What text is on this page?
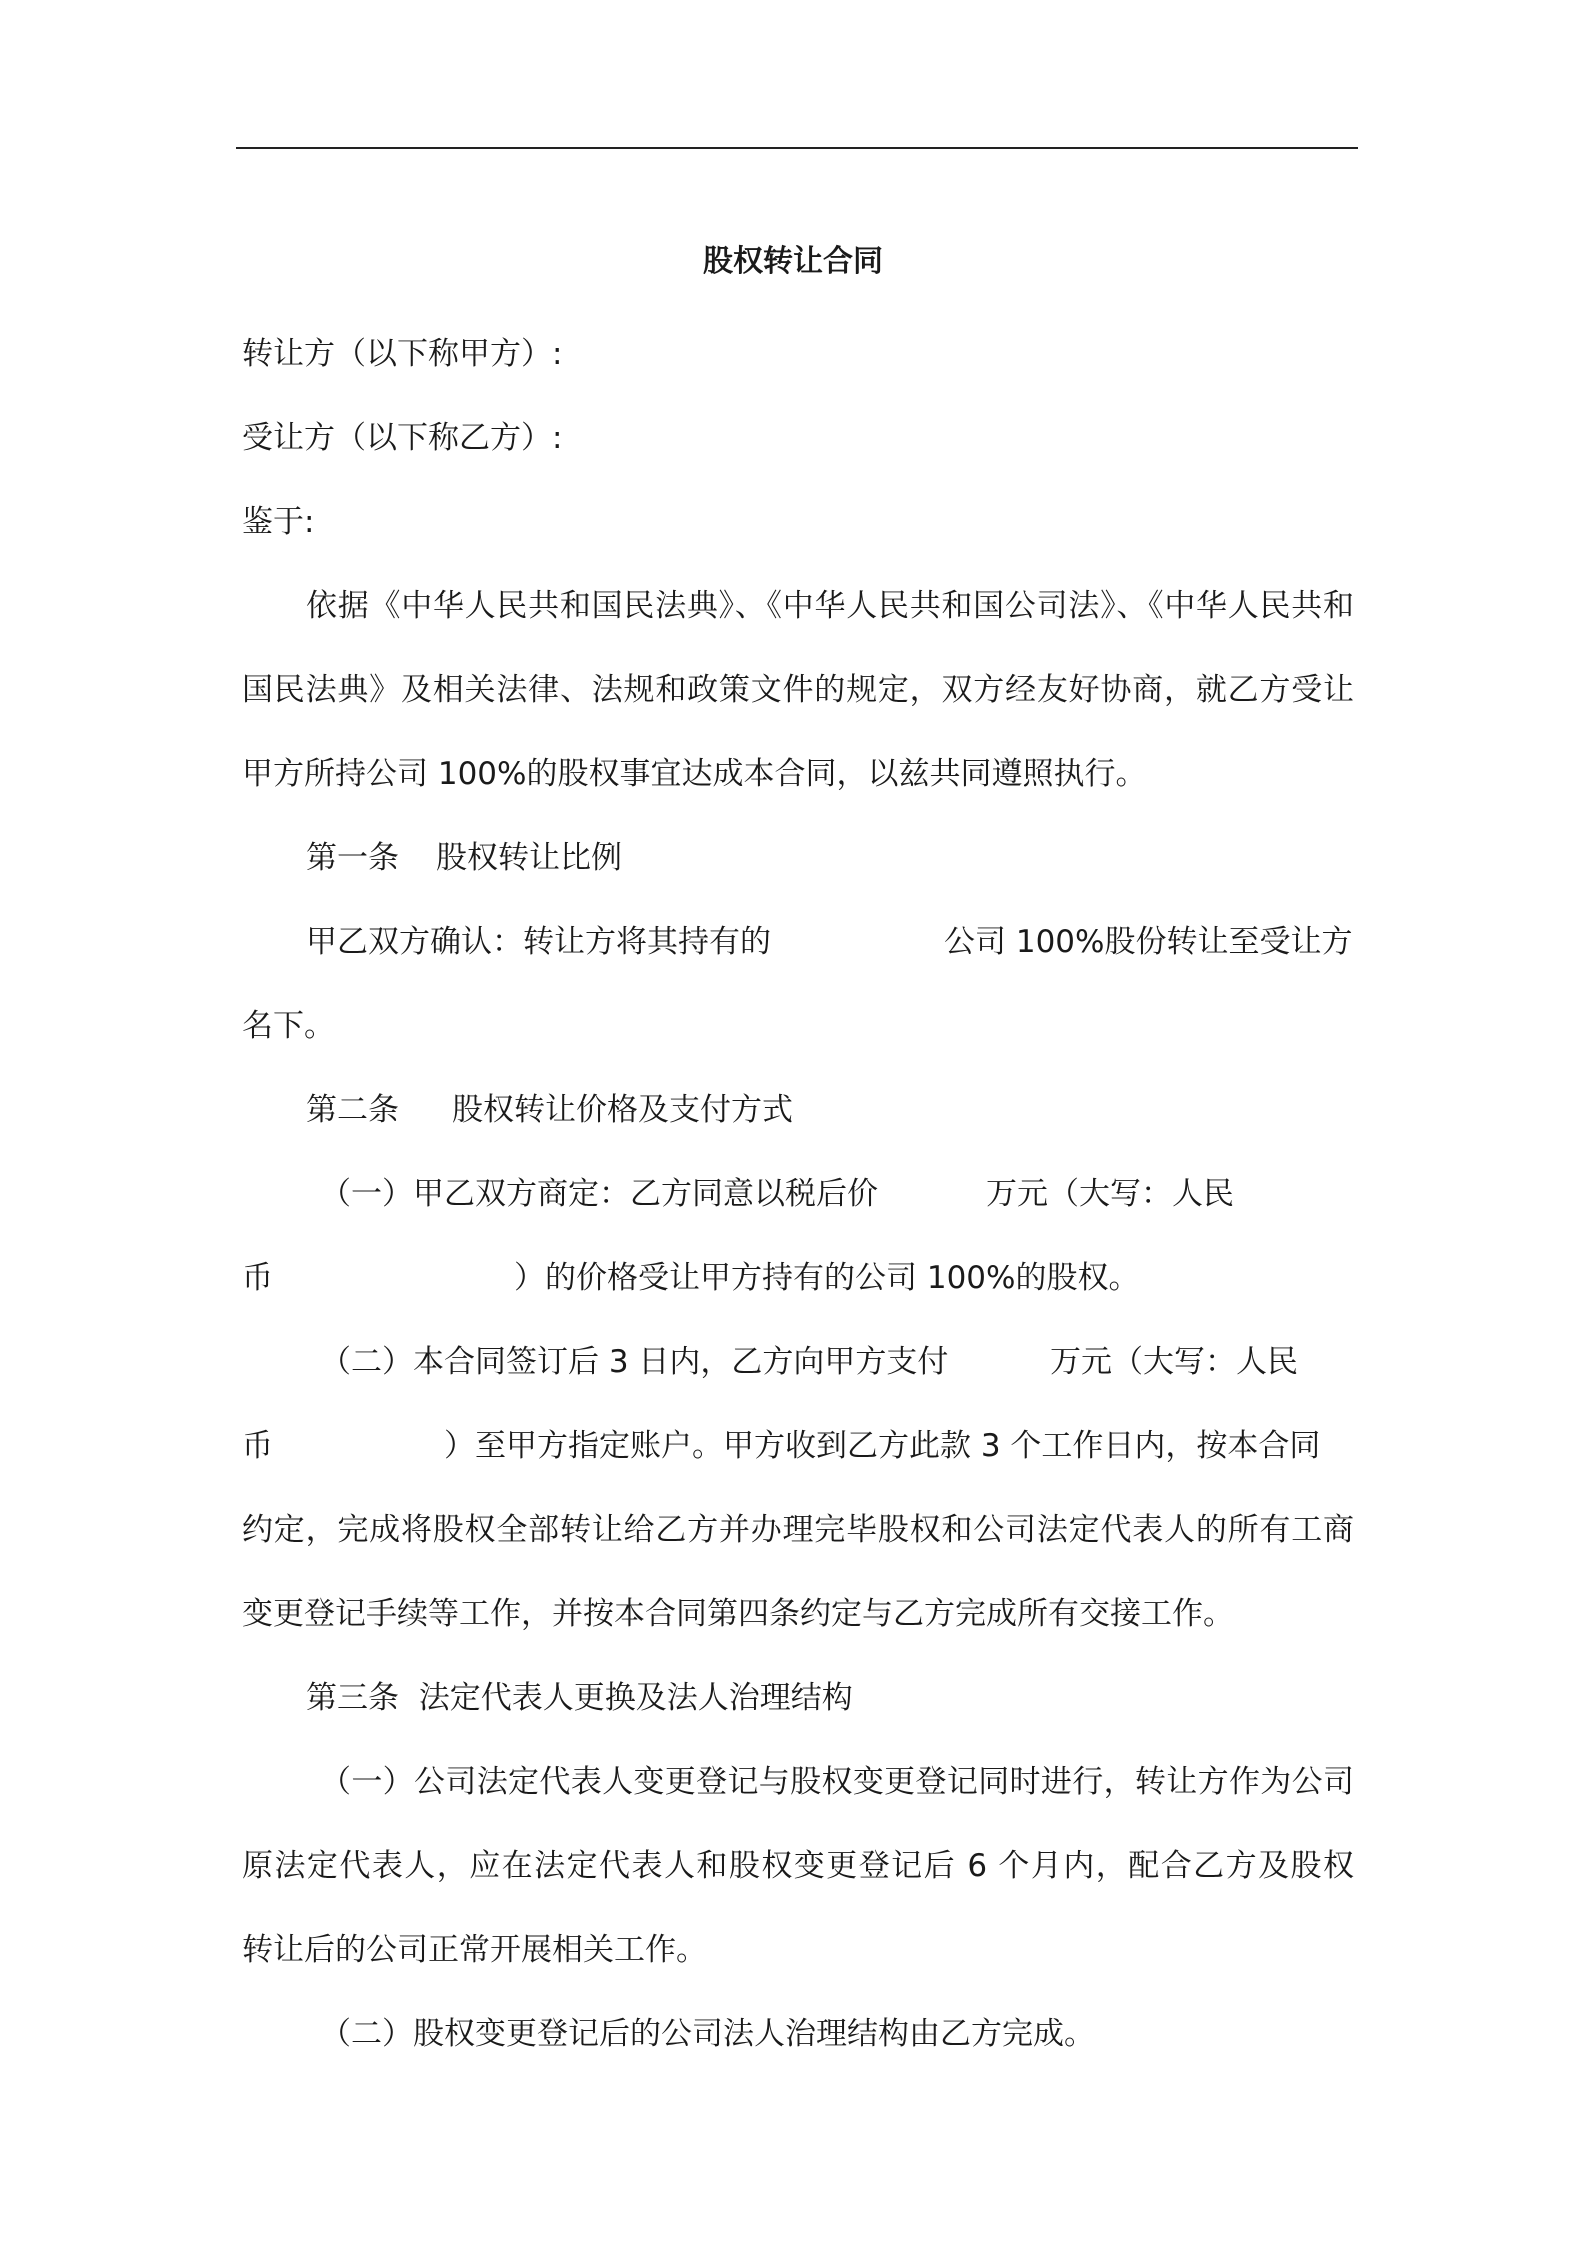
股权转让合同
转让方（以下称甲方）:
受让方（以下称乙方）:
鉴于:
依据《中华人民共和国民法典》、《中华人民共和国公司法》、《中华人民共和
国民法典》及相关法律、法规和政策文件的规定，双方经友好协商，就乙方受让
甲方所持公司 100%的股权事宜达成本合同，以兹共同遵照执行。
第一条 股权转让比例
甲乙双方确认：转让方将其持有的	公司 100%股份转让至受让方
名下。
第二条 股权转让价格及支付方式
（一）甲乙双方商定：乙方同意以税后价	万元（大写：人民
币	）的价格受让甲方持有的公司 100%的股权。
（二）本合同签订后 3 日内，乙方向甲方支付	万元（大写：人民
币	）至甲方指定账户。甲方收到乙方此款 3 个工作日内，按本合同
约定，完成将股权全部转让给乙方并办理完毕股权和公司法定代表人的所有工商
变更登记手续等工作，并按本合同第四条约定与乙方完成所有交接工作。
第三条  法定代表人更换及法人治理结构
（一）公司法定代表人变更登记与股权变更登记同时进行，转让方作为公司
原法定代表人，应在法定代表人和股权变更登记后 6 个月内，配合乙方及股权
转让后的公司正常开展相关工作。
（二）股权变更登记后的公司法人治理结构由乙方完成。
